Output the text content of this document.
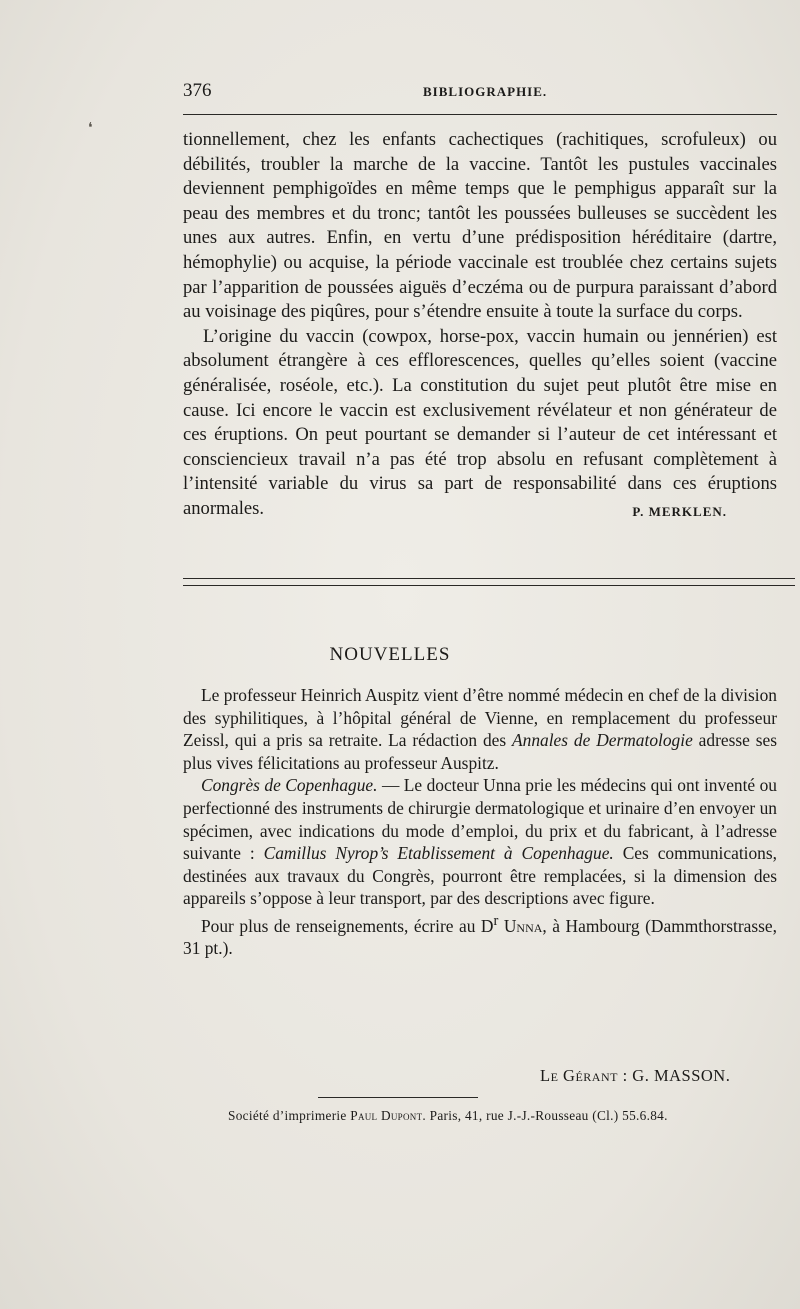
❛
376	BIBLIOGRAPHIE.
tionnellement, chez les enfants cachectiques (rachitiques, scrofuleux) ou débilités, troubler la marche de la vaccine. Tantôt les pustules vaccinales deviennent pemphigoïdes en même temps que le pemphigus apparaît sur la peau des membres et du tronc; tantôt les poussées bulleuses se succèdent les unes aux autres. Enfin, en vertu d’une prédisposition héréditaire (dartre, hémophylie) ou acquise, la période vaccinale est troublée chez certains sujets par l’apparition de poussées aiguës d’eczéma ou de purpura paraissant d’abord au voisinage des piqûres, pour s’étendre ensuite à toute la surface du corps.
L’origine du vaccin (cowpox, horse-pox, vaccin humain ou jennérien) est absolument étrangère à ces efflorescences, quelles qu’elles soient (vaccine généralisée, roséole, etc.). La constitution du sujet peut plutôt être mise en cause. Ici encore le vaccin est exclusivement révélateur et non générateur de ces éruptions. On peut pourtant se demander si l’auteur de cet intéressant et consciencieux travail n’a pas été trop absolu en refusant complètement à l’intensité variable du virus sa part de responsabilité dans ces éruptions anormales.	P. MERKLEN.
NOUVELLES
Le professeur Heinrich Auspitz vient d’être nommé médecin en chef de la division des syphilitiques, à l’hôpital général de Vienne, en remplacement du professeur Zeissl, qui a pris sa retraite. La rédaction des Annales de Dermatologie adresse ses plus vives félicitations au professeur Auspitz.
Congrès de Copenhague. — Le docteur Unna prie les médecins qui ont inventé ou perfectionné des instruments de chirurgie dermatologique et urinaire d’en envoyer un spécimen, avec indications du mode d’emploi, du prix et du fabricant, à l’adresse suivante : Camillus Nyrop’s Etablissement à Copenhague. Ces communications, destinées aux travaux du Congrès, pourront être remplacées, si la dimension des appareils s’oppose à leur transport, par des descriptions avec figure.
Pour plus de renseignements, écrire au $D^r$ Unna, à Hambourg (Dammthorstrasse, 31 pt.).
Le Gérant : G. MASSON.
Société d’imprimerie Paul Dupont. Paris, 41, rue J.-J.-Rousseau (Cl.) 55.6.84.
